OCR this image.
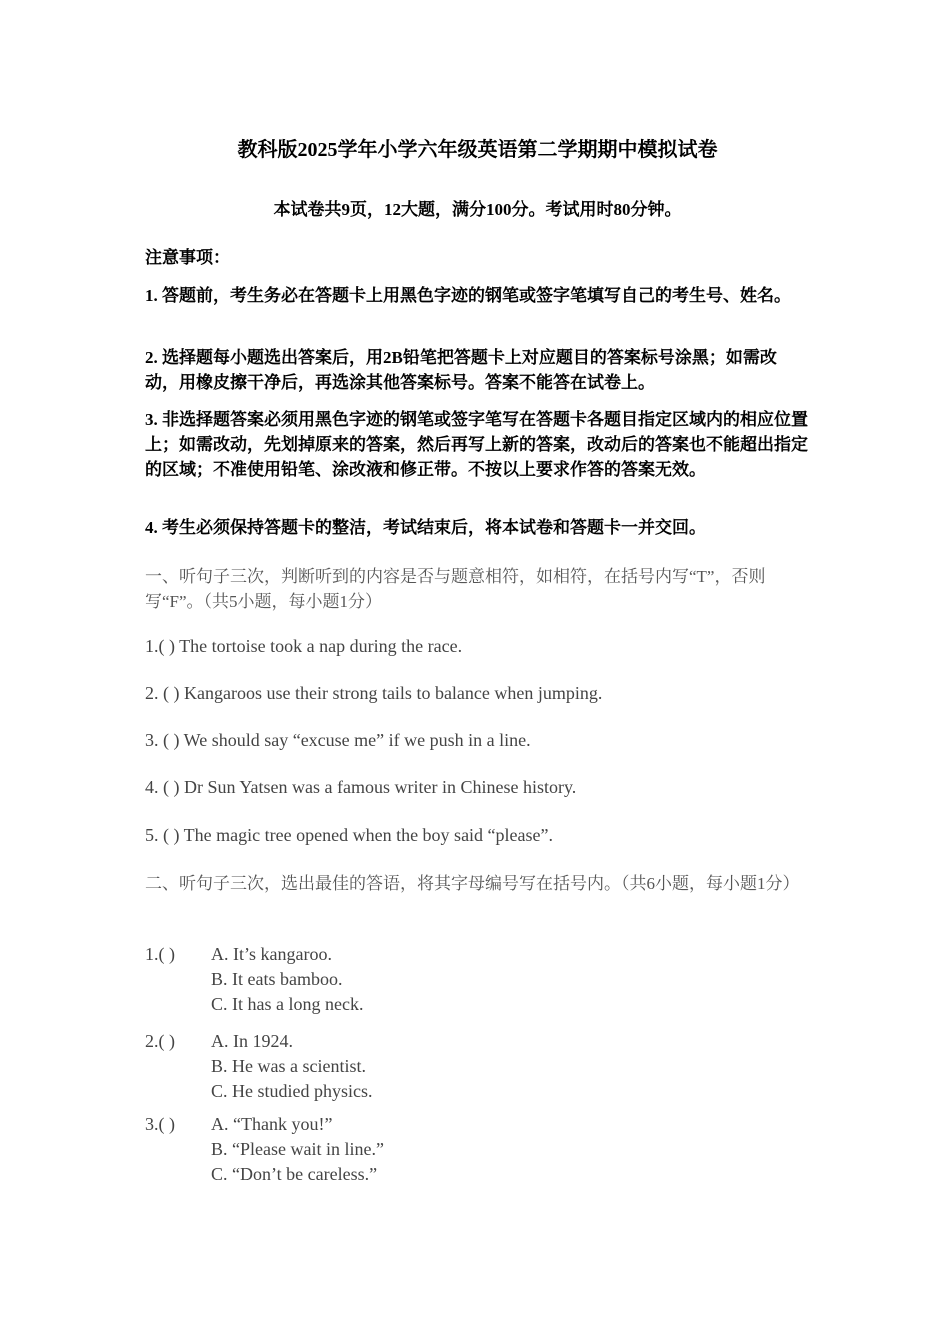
教科版2025学年小学六年级英语第二学期期中模拟试卷
本试卷共9页，12大题，满分100分。考试用时80分钟。
注意事项：
1. 答题前，考生务必在答题卡上用黑色字迹的钢笔或签字笔填写自己的考生号、姓名。
2. 选择题每小题选出答案后，用2B铅笔把答题卡上对应题目的答案标号涂黑；如需改动，用橡皮擦干净后，再选涂其他答案标号。答案不能答在试卷上。
3. 非选择题答案必须用黑色字迹的钢笔或签字笔写在答题卡各题目指定区域内的相应位置上；如需改动，先划掉原来的答案，然后再写上新的答案，改动后的答案也不能超出指定的区域；不准使用铅笔、涂改液和修正带。不按以上要求作答的答案无效。
4. 考生必须保持答题卡的整洁，考试结束后，将本试卷和答题卡一并交回。
一、听句子三次，判断听到的内容是否与题意相符，如相符，在括号内写“T”，否则写“F”。（共5小题，每小题1分）
1.( ) The tortoise took a nap during the race.
2. ( ) Kangaroos use their strong tails to balance when jumping.
3. ( ) We should say “excuse me” if we push in a line.
4. ( ) Dr Sun Yatsen was a famous writer in Chinese history.
5. ( ) The magic tree opened when the boy said “please”.
二、听句子三次，选出最佳的答语，将其字母编号写在括号内。（共6小题，每小题1分）
1.( ) A. It’s kangaroo.
B. It eats bamboo.
C. It has a long neck.
2.( ) A. In 1924.
B. He was a scientist.
C. He studied physics.
3.( ) A. “Thank you!”
B. “Please wait in line.”
C. “Don’t be careless.”
